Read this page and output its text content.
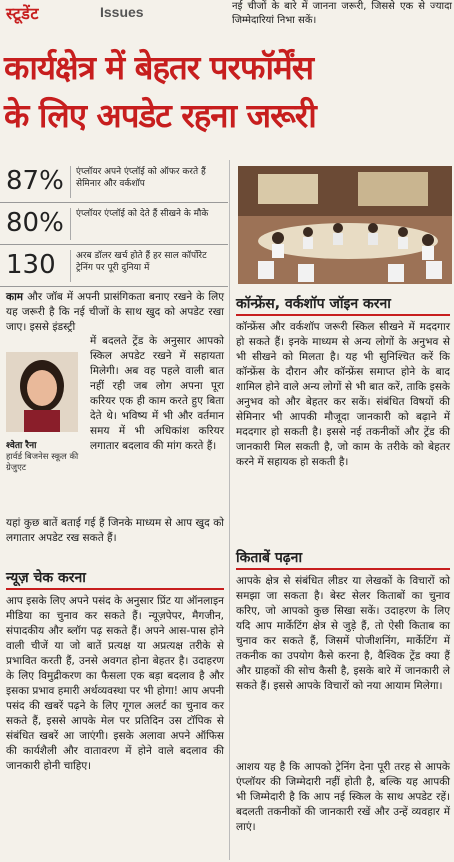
स्टूडेंट	Issues	नई चीजों के बारे में जानना जरूरी, जिससे एक से ज्यादा जिम्मेदारियां निभा सकें।
कार्यक्षेत्र में बेहतर परफॉर्मेंस
के लिए अपडेट रहना जरूरी
87%	एंप्लॉयर अपने एंप्लॉई को ऑफर करते हैं सेमिनार और वर्कशॉप
80%	एंप्लॉयर एंप्लॉई को देते हैं सीखने के मौके
130	अरब डॉलर खर्च होते हैं हर साल कॉर्पोरेट ट्रेनिंग पर पूरी दुनिया में
काम और जॉब में अपनी प्रासंगिकता बनाए रखने के लिए यह जरूरी है कि नई चीजों के साथ खुद को अपडेट रखा जाए। इससे इंडस्ट्री
श्वेता रैना
हार्वर्ड बिजनेस स्कूल की ग्रेजुएट
में बदलते ट्रेंड के अनुसार आपको स्किल अपडेट रखने में सहायता मिलेगी। अब वह पहले वाली बात नहीं रही जब लोग अपना पूरा करियर एक ही काम करते हुए बिता देते थे। भविष्य में भी और वर्तमान समय में भी अधिकांश करियर लगातार बदलाव की मांग करते हैं।
यहां कुछ बातें बताई गई हैं जिनके माध्यम से आप खुद को लगातार अपडेट रख सकते हैं।
न्यूज़ चेक करना
आप इसके लिए अपने पसंद के अनुसार प्रिंट या ऑनलाइन मीडिया का चुनाव कर सकते हैं। न्यूज़पेपर, मैगजीन, संपादकीय और ब्लॉग पढ़ सकते हैं। अपने आस-पास होने वाली चीजें या जो बातें प्रत्यक्ष या अप्रत्यक्ष तरीके से प्रभावित करती हैं, उनसे अवगत होना बेहतर है। उदाहरण के लिए विमुद्रीकरण का फैसला एक बड़ा बदलाव है और इसका प्रभाव हमारी अर्थव्यवस्था पर भी होगा! आप अपनी पसंद की खबरें पढ़ने के लिए गूगल अलर्ट का चुनाव कर सकते हैं, इससे आपके मेल पर प्रतिदिन उस टॉपिक से संबंधित खबरें आ जाएंगी। इसके अलावा अपने ऑफिस की कार्यशैली और वातावरण में होने वाले बदलाव की जानकारी होनी चाहिए।
कॉन्फ्रेंस, वर्कशॉप जॉइन करना
कॉन्फ्रेंस और वर्कशॉप जरूरी स्किल सीखने में मददगार हो सकते हैं। इनके माध्यम से अन्य लोगों के अनुभव से भी सीखने को मिलता है। यह भी सुनिश्चित करें कि कॉन्फ्रेंस के दौरान और कॉन्फ्रेंस समाप्त होने के बाद शामिल होने वाले अन्य लोगों से भी बात करें, ताकि इसके अनुभव को और बेहतर कर सकें। संबंधित विषयों की सेमिनार भी आपकी मौजूदा जानकारी को बढ़ाने में मददगार हो सकती है। इससे नई तकनीकों और ट्रेंड की जानकारी मिल सकती है, जो काम के तरीके को बेहतर करने में सहायक हो सकती है।
किताबें पढ़ना
आपके क्षेत्र से संबंधित लीडर या लेखकों के विचारों को समझा जा सकता है। बेस्ट सेलर किताबों का चुनाव करिए, जो आपको कुछ सिखा सकें। उदाहरण के लिए यदि आप मार्केटिंग क्षेत्र से जुड़े हैं, तो ऐसी किताब का चुनाव कर सकते हैं, जिसमें पोजीशनिंग, मार्केटिंग में तकनीक का उपयोग कैसे करना है, वैश्विक ट्रेंड क्या हैं और ग्राहकों की सोच कैसी है, इसके बारे में जानकारी ले सकते हैं। इससे आपके विचारों को नया आयाम मिलेगा।
आशय यह है कि आपको ट्रेनिंग देना पूरी तरह से आपके एंप्लॉयर की जिम्मेदारी नहीं होती है, बल्कि यह आपकी भी जिम्मेदारी है कि आप नई स्किल के साथ अपडेट रहें। बदलती तकनीकों की जानकारी रखें और उन्हें व्यवहार में लाएं।
